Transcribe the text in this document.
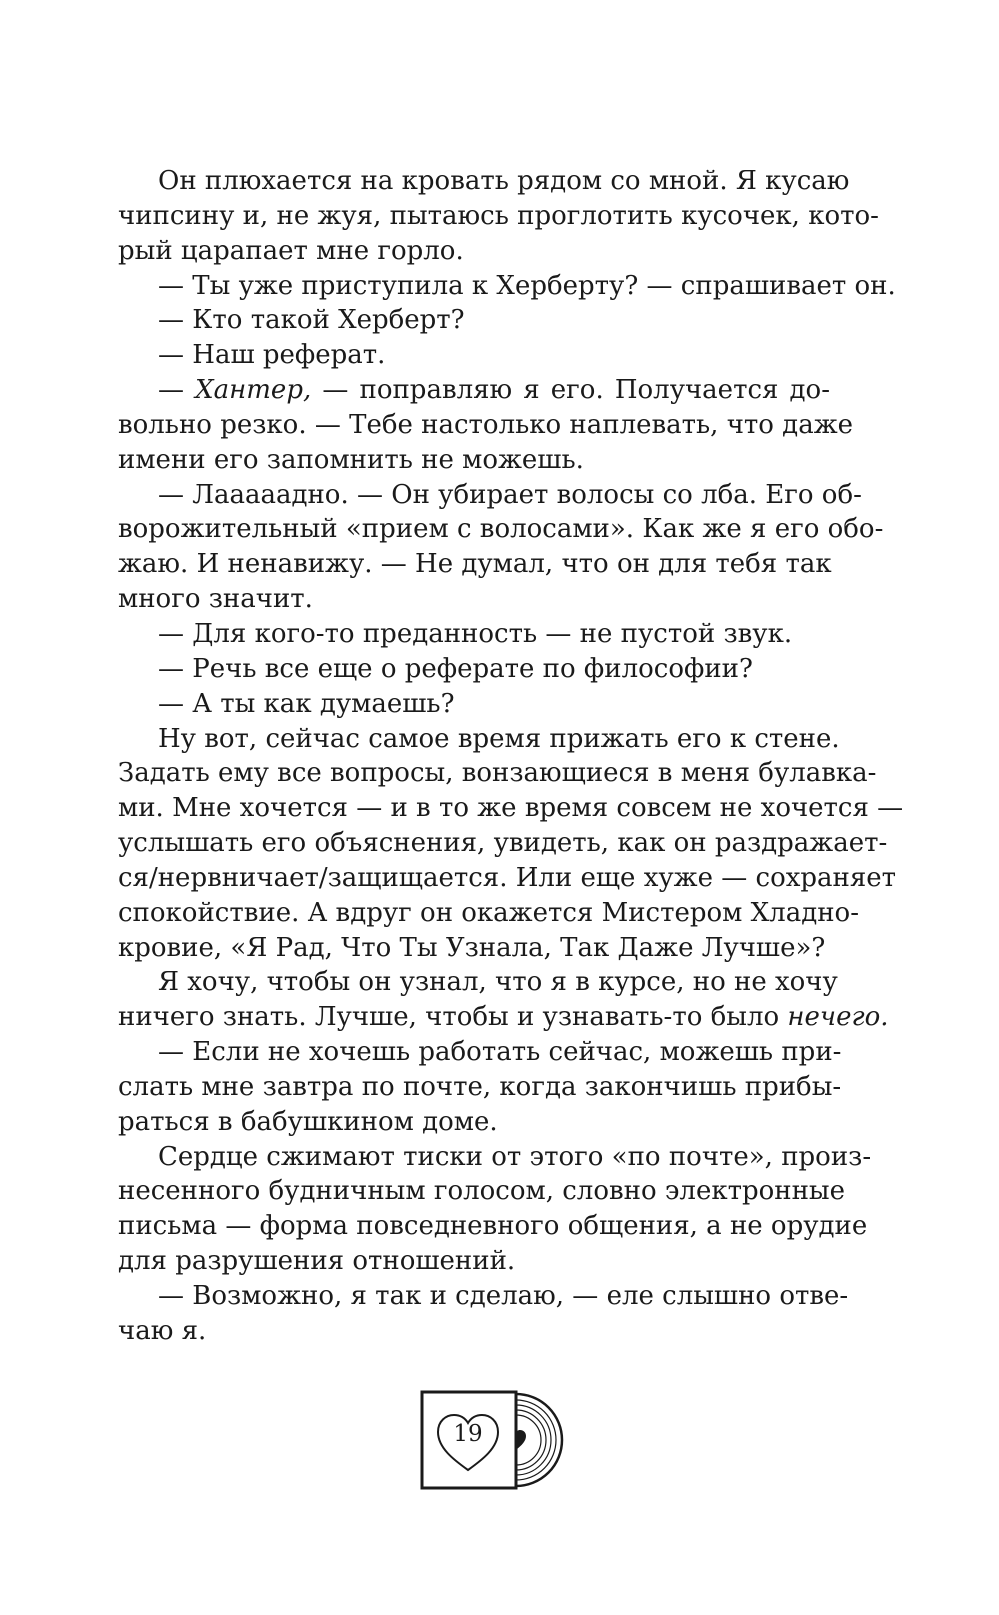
Он плюхается на кровать рядом со мной. Я кусаю
чипсину и, не жуя, пытаюсь проглотить кусочек, кото-
рый царапает мне горло.
— Ты уже приступила к Херберту? — спрашивает он.
— Кто такой Херберт?
— Наш реферат.
— Хантер, — поправляю я его. Получается до-
вольно резко. — Тебе настолько наплевать, что даже
имени его запомнить не можешь.
— Лааааадно. — Он убирает волосы со лба. Его об-
ворожительный «прием с волосами». Как же я его обо-
жаю. И ненавижу. — Не думал, что он для тебя так
много значит.
— Для кого-то преданность — не пустой звук.
— Речь все еще о реферате по философии?
— А ты как думаешь?
Ну вот, сейчас самое время прижать его к стене.
Задать ему все вопросы, вонзающиеся в меня булавка-
ми. Мне хочется — и в то же время совсем не хочется —
услышать его объяснения, увидеть, как он раздражает-
ся/нервничает/защищается. Или еще хуже — сохраняет
спокойствие. А вдруг он окажется Мистером Хладно-
кровие, «Я Рад, Что Ты Узнала, Так Даже Лучше»?
Я хочу, чтобы он узнал, что я в курсе, но не хочу
ничего знать. Лучше, чтобы и узнавать-то было нечего.
— Если не хочешь работать сейчас, можешь при-
слать мне завтра по почте, когда закончишь прибы-
раться в бабушкином доме.
Сердце сжимают тиски от этого «по почте», произ-
несенного будничным голосом, словно электронные
письма — форма повседневного общения, а не орудие
для разрушения отношений.
— Возможно, я так и сделаю, — еле слышно отве-
чаю я.
19
